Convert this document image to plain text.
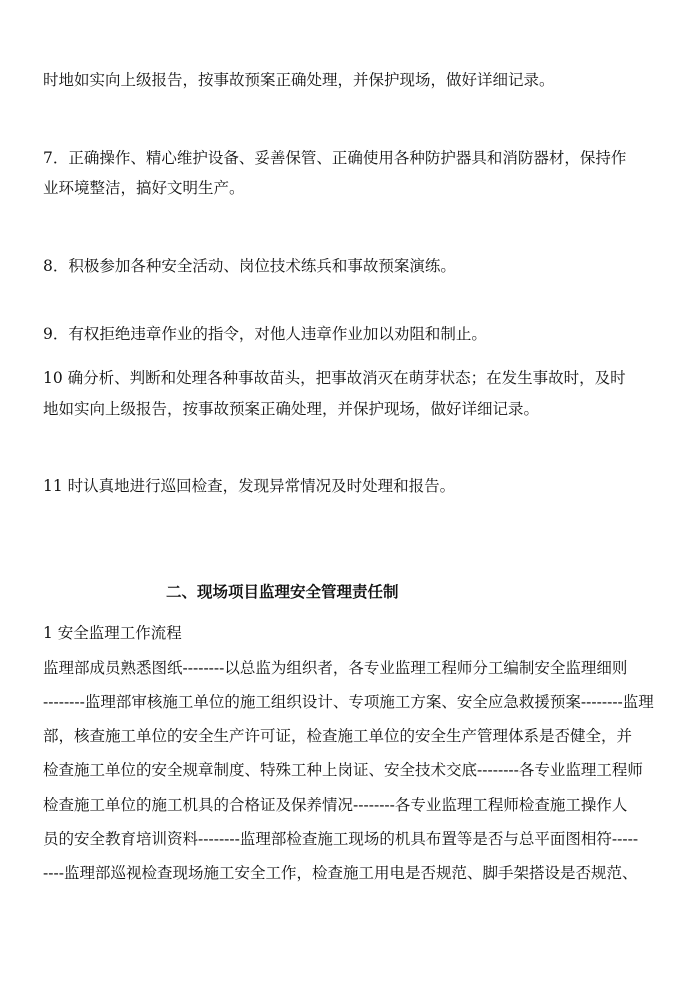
时地如实向上级报告，按事故预案正确处理，并保护现场，做好详细记录。
7．正确操作、精心维护设备、妥善保管、正确使用各种防护器具和消防器材，保持作
业环境整洁，搞好文明生产。
8．积极参加各种安全活动、岗位技术练兵和事故预案演练。
9．有权拒绝违章作业的指令，对他人违章作业加以劝阻和制止。
10 确分析、判断和处理各种事故苗头，把事故消灭在萌芽状态；在发生事故时，及时
地如实向上级报告，按事故预案正确处理，并保护现场，做好详细记录。
11 时认真地进行巡回检查，发现异常情况及时处理和报告。
二、现场项目监理安全管理责任制
1 安全监理工作流程
监理部成员熟悉图纸--------以总监为组织者，各专业监理工程师分工编制安全监理细则
--------监理部审核施工单位的施工组织设计、专项施工方案、安全应急救援预案--------监理
部，核查施工单位的安全生产许可证，检查施工单位的安全生产管理体系是否健全，并
检查施工单位的安全规章制度、特殊工种上岗证、安全技术交底--------各专业监理工程师
检查施工单位的施工机具的合格证及保养情况--------各专业监理工程师检查施工操作人
员的安全教育培训资料--------监理部检查施工现场的机具布置等是否与总平面图相符-----
----监理部巡视检查现场施工安全工作，检查施工用电是否规范、脚手架搭设是否规范、
